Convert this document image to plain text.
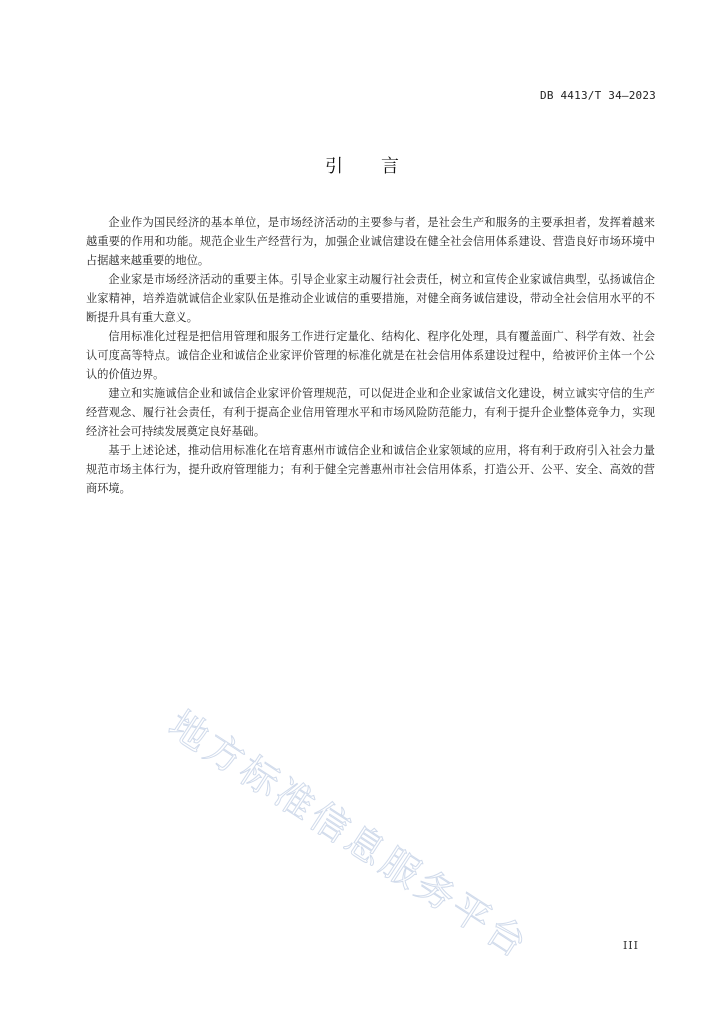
DB 4413/T 34—2023
引言

企业作为国民经济的基本单位，是市场经济活动的主要参与者，是社会生产和服务的主要承担者，发挥着越来越重要的作用和功能。规范企业生产经营行为，加强企业诚信建设在健全社会信用体系建设、营造良好市场环境中占据越来越重要的地位。

企业家是市场经济活动的重要主体。引导企业家主动履行社会责任，树立和宣传企业家诚信典型，弘扬诚信企业家精神，培养造就诚信企业家队伍是推动企业诚信的重要措施，对健全商务诚信建设，带动全社会信用水平的不断提升具有重大意义。

信用标准化过程是把信用管理和服务工作进行定量化、结构化、程序化处理，具有覆盖面广、科学有效、社会认可度高等特点。诚信企业和诚信企业家评价管理的标准化就是在社会信用体系建设过程中，给被评价主体一个公认的价值边界。

建立和实施诚信企业和诚信企业家评价管理规范，可以促进企业和企业家诚信文化建设，树立诚实守信的生产经营观念、履行社会责任，有利于提高企业信用管理水平和市场风险防范能力，有利于提升企业整体竞争力，实现经济社会可持续发展奠定良好基础。

基于上述论述，推动信用标准化在培育惠州市诚信企业和诚信企业家领域的应用，将有利于政府引入社会力量规范市场主体行为，提升政府管理能力；有利于健全完善惠州市社会信用体系，打造公开、公平、安全、高效的营商环境。

地方标准信息服务平台	III
